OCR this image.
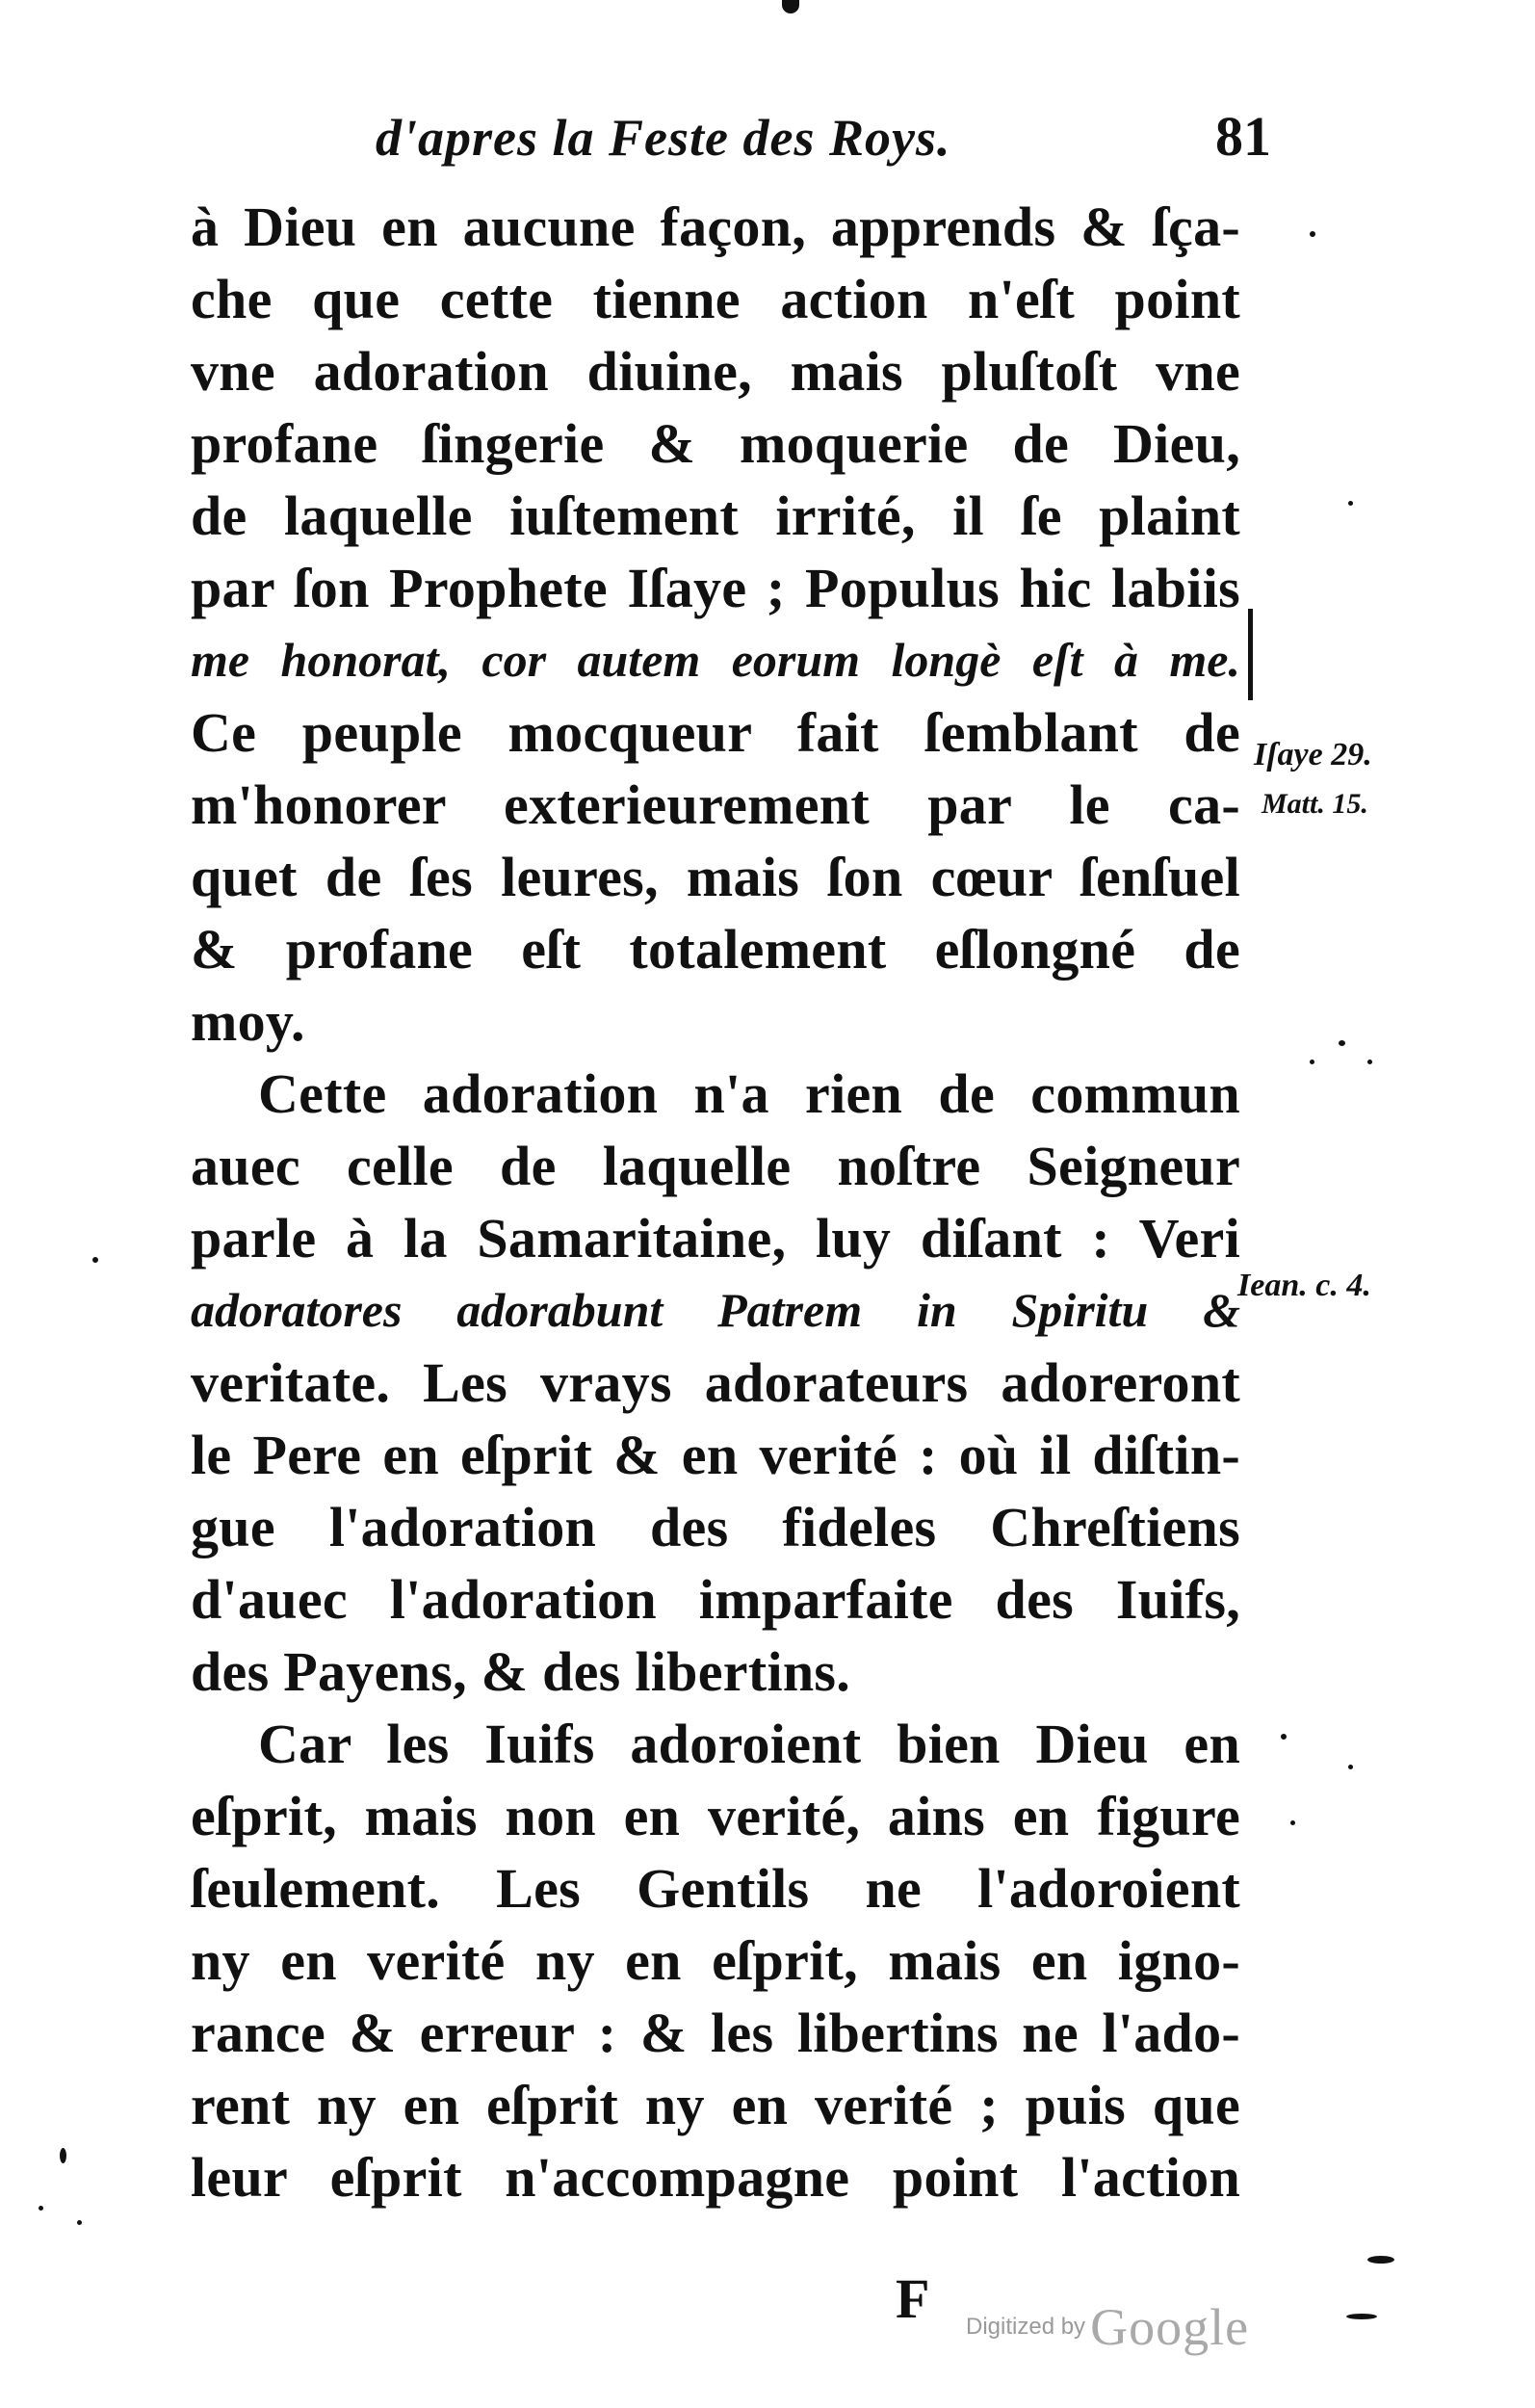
d'apres la Feste des Roys.	81
à Dieu en aucune façon, apprends & ſça-
che que cette tienne action n'eſt point
vne adoration diuine, mais pluſtoſt vne
profane ſingerie & moquerie de Dieu,
de laquelle iuſtement irrité, il ſe plaint
par ſon Prophete Iſaye ; Populus hic labiis
me honorat, cor autem eorum longè eſt à me.
Ce peuple mocqueur fait ſemblant de
m'honorer exterieurement par le ca-
quet de ſes leures, mais ſon cœur ſenſuel
& profane eſt totalement eſlongné de
moy.
Cette adoration n'a rien de commun
auec celle de laquelle noſtre Seigneur
parle à la Samaritaine, luy diſant : Veri
adoratores adorabunt Patrem in Spiritu &
veritate. Les vrays adorateurs adoreront
le Pere en eſprit & en verité : où il diſtin-
gue l'adoration des fideles Chreſtiens
d'auec l'adoration imparfaite des Iuifs,
des Payens, & des libertins.
Car les Iuifs adoroient bien Dieu en
eſprit, mais non en verité, ains en figure
ſeulement. Les Gentils ne l'adoroient
ny en verité ny en eſprit, mais en igno-
rance & erreur : & les libertins ne l'ado-
rent ny en eſprit ny en verité ; puis que
leur eſprit n'accompagne point l'action
Iſaye 29.
Matt. 15.
Iean. c. 4.
F Digitized by Google
